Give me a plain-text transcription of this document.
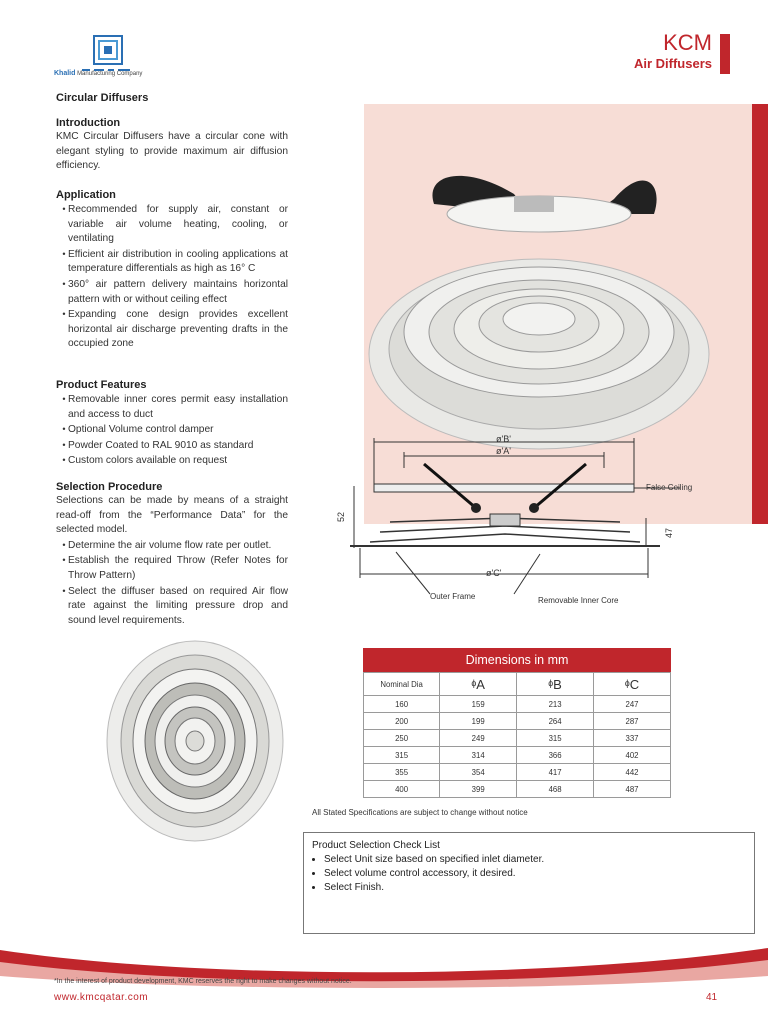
Khalid Manufacturing Company
KCM
Air Diffusers
Circular Diffusers
Introduction

KMC Circular Diffusers have a circular cone with elegant styling to provide maximum air diffusion efficiency.

Application
• Recommended for supply air, constant or variable air volume heating, cooling, or ventilating
• Efficient air distribution in cooling applications at temperature differentials as high as 16° C
• 360° air pattern delivery maintains horizontal pattern with or without ceiling effect
• Expanding cone design provides excellent horizontal air discharge preventing drafts in the occupied zone
Product Features
• Removable inner cores permit easy installation and access to duct
• Optional Volume control damper
• Powder Coated to RAL 9010 as standard
• Custom colors available on request
Selection Procedure

Selections can be made by means of a straight read-off from the “Performance Data” for the selected model.

• Determine the air volume flow rate per outlet.
• Establish the required Throw (Refer Notes for Throw Pattern)
• Select the diffuser based on required Air flow rate against the limiting pressure drop and sound level requirements.
ø'B'
ø'A'
False Ceiling
52
47
ø'C'
Outer Frame	Removable Inner Core
Dimensions in mm
Nominal Dia	ᶲA	ᶲB	ᶲC
160	159	213	247
200	199	264	287
250	249	315	337
315	314	366	402
355	354	417	442
400	399	468	487
All Stated Specifications are subject to change without notice
Product Selection Check List
• Select Unit size based on specified inlet diameter.
• Select volume control accessory, it desired.
• Select Finish.
*In the interest of product development, KMC reserves the right to make changes without notice.
www.kmcqatar.com	41
